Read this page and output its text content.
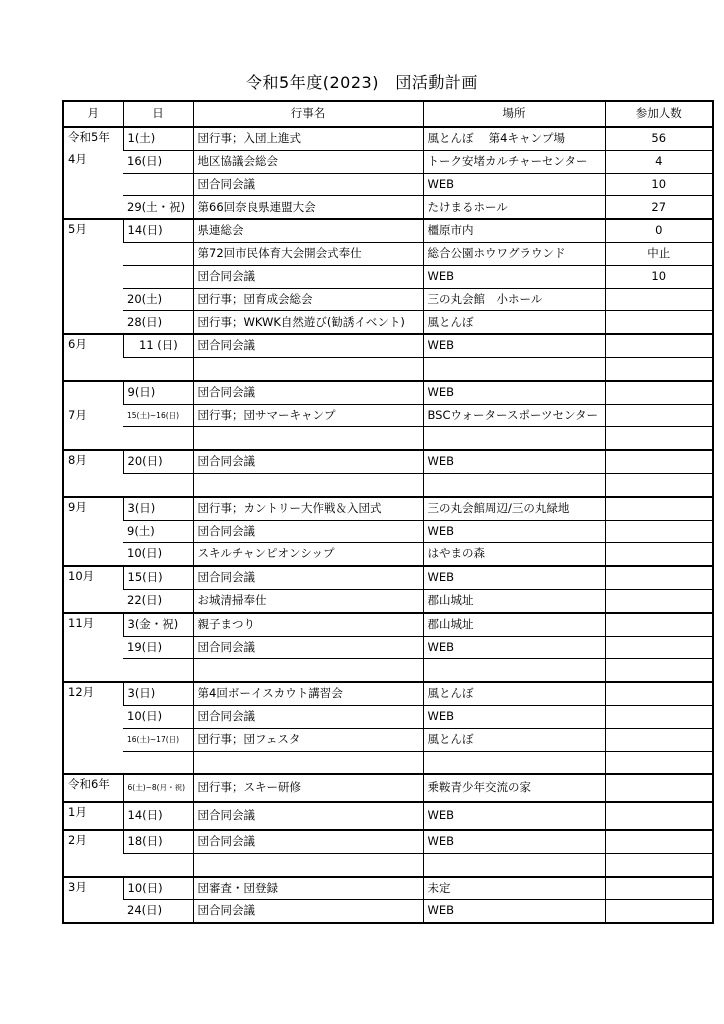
令和5年度(2023)　団活動計画
月	日	行事名	場所	参加人数

令和5年
4月	1(土)	団行事；入団上進式	風とんぼ　 第4キャンプ場	56
	16(日)	地区協議会総会	トーク安堵カルチャーセンター	4
		団合同会議	WEB	10
	29(土・祝)	第66回奈良県連盟大会	たけまるホール	27

5月	14(日)	県連総会	橿原市内	0
		第72回市民体育大会開会式奉仕	総合公園ホウワグラウンド	中止
		団合同会議	WEB	10
	20(土)	団行事；団育成会総会	三の丸会館　小ホール	
	28(日)	団行事；WKWK自然遊び(勧誘イベント)	風とんぼ	

6月	　11 (日)	団合同会議	WEB	

7月	9(日)	団合同会議	WEB	
	15(土)~16(日)	団行事；団サマーキャンプ	BSCウォータースポーツセンター	

8月	20(日)	団合同会議	WEB	

9月	3(日)	団行事；カントリー大作戦＆入団式	三の丸会館周辺/三の丸緑地	
	9(土)	団合同会議	WEB	
	10(日)	スキルチャンピオンシップ	はやまの森	

10月	15(日)	団合同会議	WEB	
	22(日)	お城清掃奉仕	郡山城址	

11月	3(金・祝)	親子まつり	郡山城址	
	19(日)	団合同会議	WEB	

12月	3(日)	第4回ボーイスカウト講習会	風とんぼ	
	10(日)	団合同会議	WEB	
	16(土)~17(日)	団行事；団フェスタ	風とんぼ	

令和6年	6(土)~8(月・祝)	団行事；スキー研修	乗鞍青少年交流の家	

1月	14(日)	団合同会議	WEB	

2月	18(日)	団合同会議	WEB	

3月	10(日)	団審査・団登録	未定	
	24(日)	団合同会議	WEB	
